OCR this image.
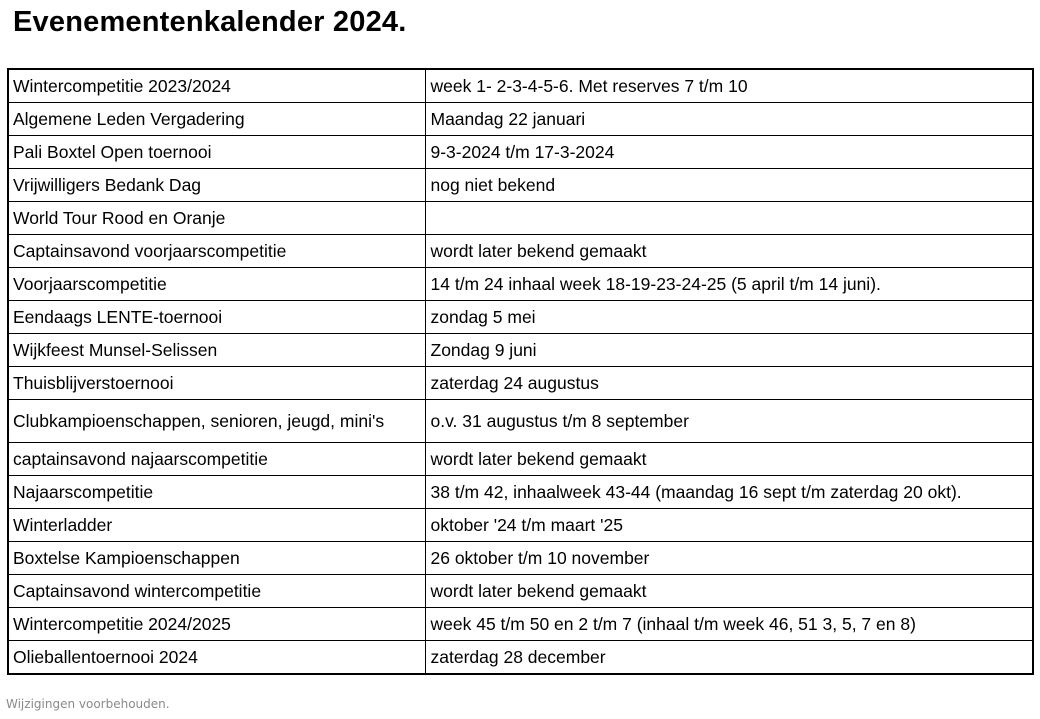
Evenementenkalender 2024.
Wintercompetitie 2023/2024	week 1- 2-3-4-5-6. Met reserves 7 t/m 10
Algemene Leden Vergadering	Maandag 22 januari
Pali Boxtel Open toernooi	9-3-2024 t/m 17-3-2024
Vrijwilligers Bedank Dag	nog niet bekend
World Tour Rood en Oranje	
Captainsavond voorjaarscompetitie	wordt later bekend gemaakt
Voorjaarscompetitie	14 t/m 24 inhaal week 18-19-23-24-25 (5 april t/m 14 juni).
Eendaags LENTE-toernooi	zondag 5 mei
Wijkfeest Munsel-Selissen	Zondag 9 juni
Thuisblijverstoernooi	zaterdag 24 augustus
Clubkampioenschappen, senioren, jeugd, mini's	o.v. 31 augustus t/m 8 september
captainsavond najaarscompetitie	wordt later bekend gemaakt
Najaarscompetitie	38 t/m 42, inhaalweek 43-44 (maandag 16 sept t/m zaterdag 20 okt).
Winterladder	oktober '24 t/m maart '25
Boxtelse Kampioenschappen	26 oktober t/m 10 november
Captainsavond wintercompetitie	wordt later bekend gemaakt
Wintercompetitie 2024/2025	week 45 t/m 50 en 2 t/m 7 (inhaal t/m week 46, 51 3, 5, 7 en 8)
Olieballentoernooi 2024	zaterdag 28 december
Wijzigingen voorbehouden.
